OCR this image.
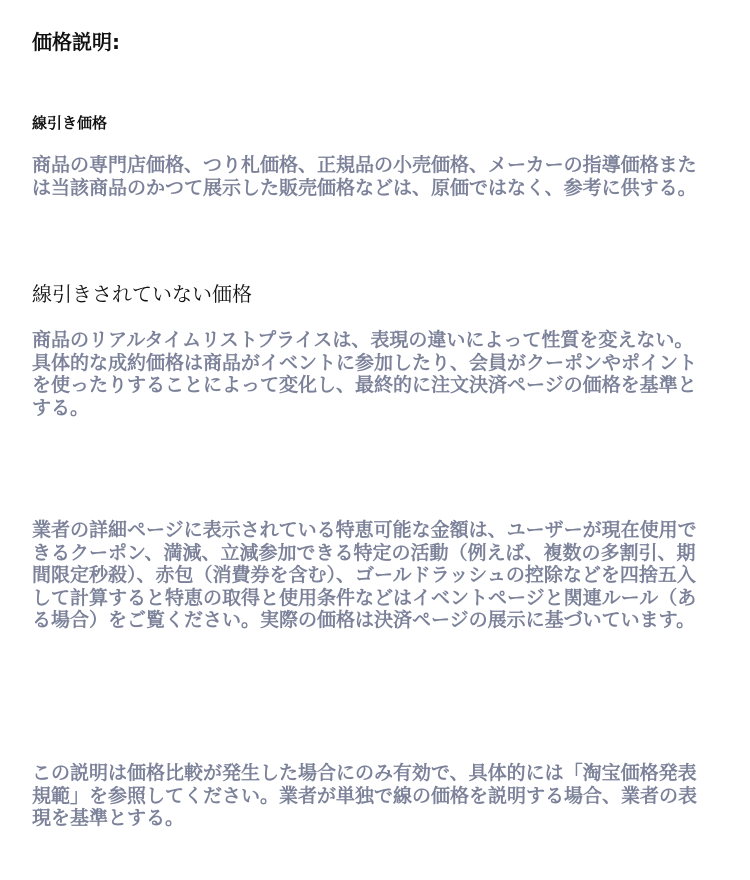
価格説明:
線引き価格

商品の専門店価格、つり札価格、正規品の小売価格、メーカーの指導価格または当該商品のかつて展示した販売価格などは、原価ではなく、参考に供する。

線引きされていない価格

商品のリアルタイムリストプライスは、表現の違いによって性質を変えない。具体的な成約価格は商品がイベントに参加したり、会員がクーポンやポイントを使ったりすることによって変化し、最終的に注文決済ページの価格を基準とする。

業者の詳細ページに表示されている特恵可能な金額は、ユーザーが現在使用できるクーポン、満減、立減参加できる特定の活動（例えば、複数の多割引、期間限定秒殺）、赤包（消費券を含む）、ゴールドラッシュの控除などを四捨五入して計算すると特恵の取得と使用条件などはイベントページと関連ルール（ある場合）をご覧ください。実際の価格は決済ページの展示に基づいています。

この説明は価格比較が発生した場合にのみ有効で、具体的には「淘宝価格発表規範」を参照してください。業者が単独で線の価格を説明する場合、業者の表現を基準とする。
